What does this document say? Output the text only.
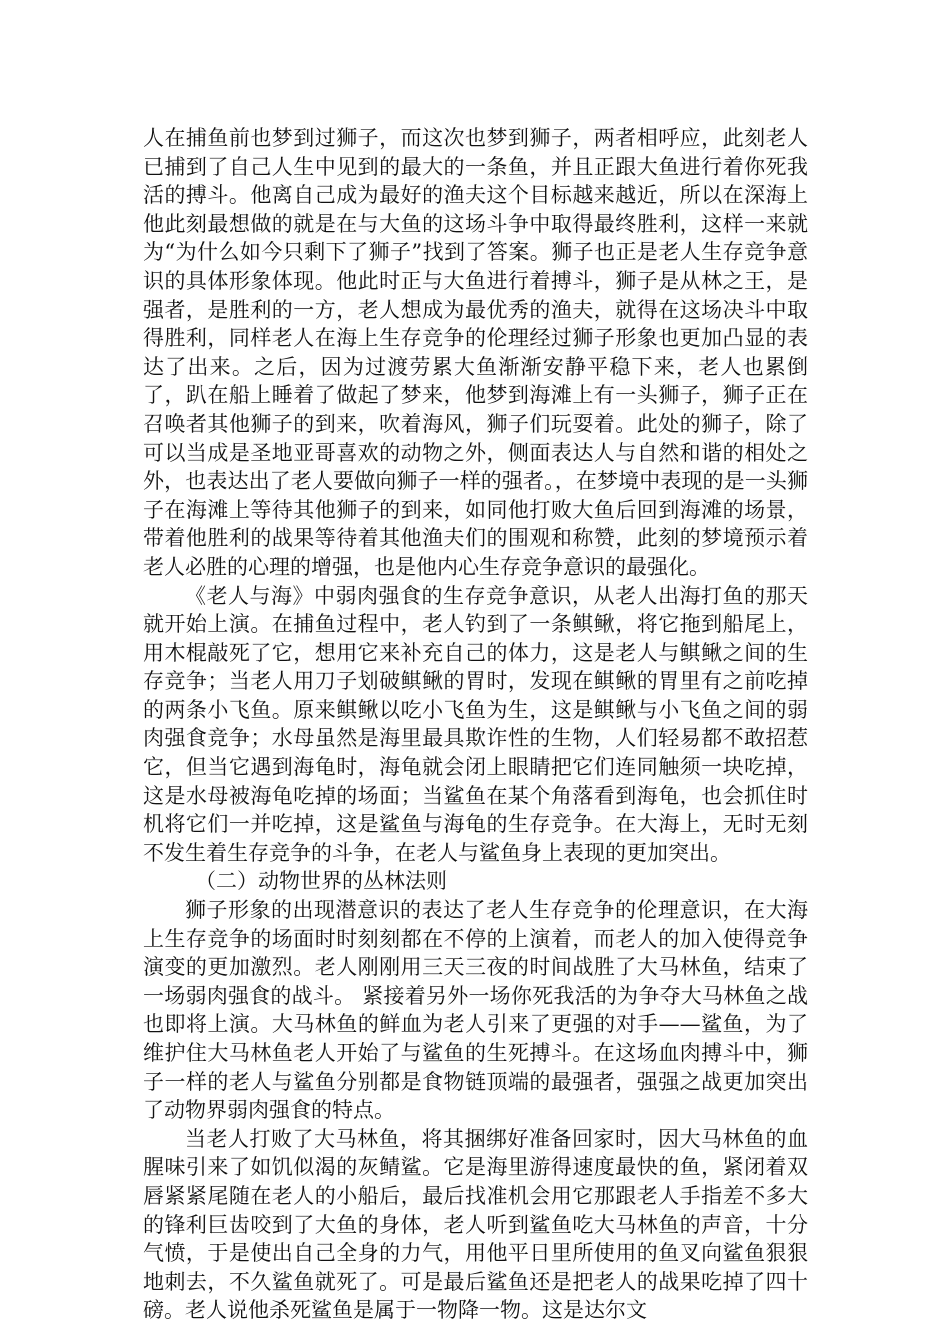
人在捕鱼前也梦到过狮子，而这次也梦到狮子，两者相呼应，此刻老人已捕到了自己人生中见到的最大的一条鱼，并且正跟大鱼进行着你死我活的搏斗。他离自己成为最好的渔夫这个目标越来越近，所以在深海上他此刻最想做的就是在与大鱼的这场斗争中取得最终胜利，这样一来就为“为什么如今只剩下了狮子”找到了答案。狮子也正是老人生存竞争意识的具体形象体现。他此时正与大鱼进行着搏斗，狮子是从林之王，是强者，是胜利的一方，老人想成为最优秀的渔夫，就得在这场决斗中取得胜利，同样老人在海上生存竞争的伦理经过狮子形象也更加凸显的表达了出来。之后，因为过渡劳累大鱼渐渐安静平稳下来，老人也累倒了，趴在船上睡着了做起了梦来，他梦到海滩上有一头狮子，狮子正在召唤者其他狮子的到来，吹着海风，狮子们玩耍着。此处的狮子，除了可以当成是圣地亚哥喜欢的动物之外，侧面表达人与自然和谐的相处之外，也表达出了老人要做向狮子一样的强者。，在梦境中表现的是一头狮子在海滩上等待其他狮子的到来，如同他打败大鱼后回到海滩的场景，带着他胜利的战果等待着其他渔夫们的围观和称赞，此刻的梦境预示着老人必胜的心理的增强，也是他内心生存竞争意识的最强化。

《老人与海》中弱肉强食的生存竞争意识，从老人出海打鱼的那天就开始上演。在捕鱼过程中，老人钓到了一条鲯鳅，将它拖到船尾上，用木棍敲死了它，想用它来补充自己的体力，这是老人与鲯鳅之间的生存竞争；当老人用刀子划破鲯鳅的胃时，发现在鲯鳅的胃里有之前吃掉的两条小飞鱼。原来鲯鳅以吃小飞鱼为生，这是鲯鳅与小飞鱼之间的弱肉强食竞争；水母虽然是海里最具欺诈性的生物，人们轻易都不敢招惹它，但当它遇到海龟时，海龟就会闭上眼睛把它们连同触须一块吃掉，这是水母被海龟吃掉的场面；当鲨鱼在某个角落看到海龟，也会抓住时机将它们一并吃掉，这是鲨鱼与海龟的生存竞争。在大海上，无时无刻不发生着生存竞争的斗争，在老人与鲨鱼身上表现的更加突出。

（二）动物世界的丛林法则

狮子形象的出现潜意识的表达了老人生存竞争的伦理意识，在大海上生存竞争的场面时时刻刻都在不停的上演着，而老人的加入使得竞争演变的更加激烈。老人刚刚用三天三夜的时间战胜了大马林鱼，结束了一场弱肉强食的战斗。 紧接着另外一场你死我活的为争夺大马林鱼之战也即将上演。大马林鱼的鲜血为老人引来了更强的对手——鲨鱼，为了维护住大马林鱼老人开始了与鲨鱼的生死搏斗。在这场血肉搏斗中，狮子一样的老人与鲨鱼分别都是食物链顶端的最强者，强强之战更加突出了动物界弱肉强食的特点。

当老人打败了大马林鱼，将其捆绑好准备回家时，因大马林鱼的血腥味引来了如饥似渴的灰鲭鲨。它是海里游得速度最快的鱼，紧闭着双唇紧紧尾随在老人的小船后，最后找准机会用它那跟老人手指差不多大的锋利巨齿咬到了大鱼的身体，老人听到鲨鱼吃大马林鱼的声音，十分气愤，于是使出自己全身的力气，用他平日里所使用的鱼叉向鲨鱼狠狠地刺去，不久鲨鱼就死了。可是最后鲨鱼还是把老人的战果吃掉了四十磅。老人说他杀死鲨鱼是属于一物降一物。这是达尔文
